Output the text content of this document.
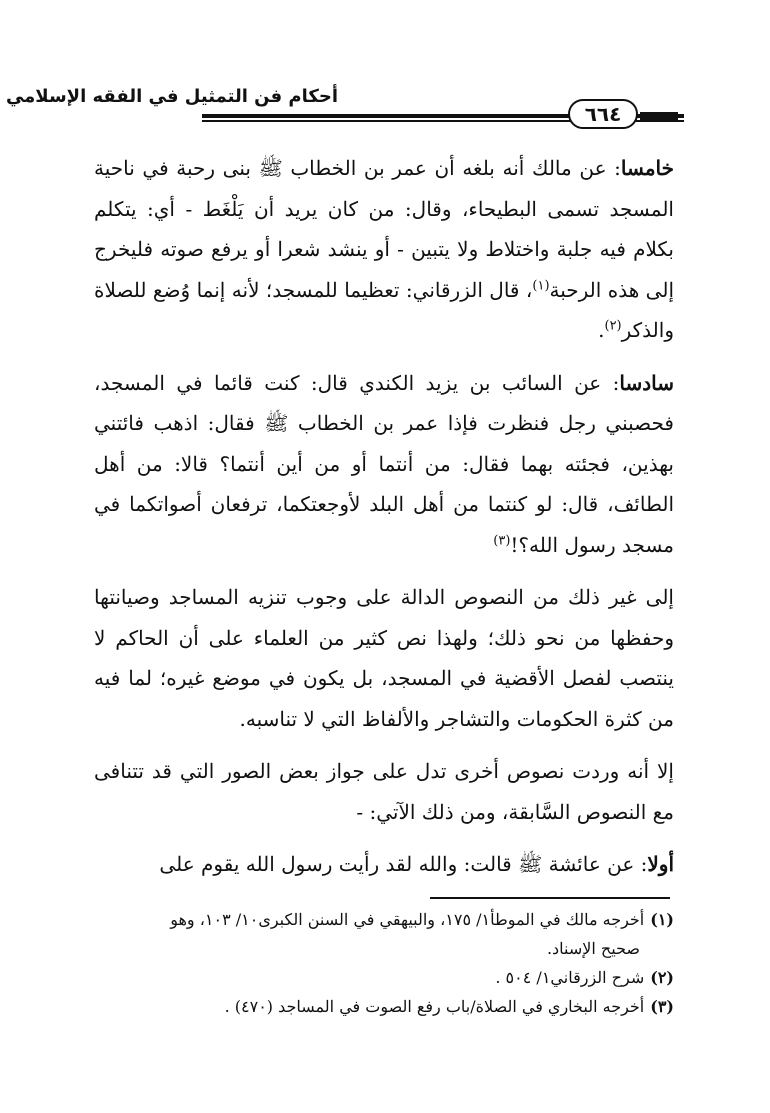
أحكام فن التمثيل في الفقه الإسلامي
٦٦٤

خامسا: عن مالك أنه بلغه أن عمر بن الخطاب ﷺ بنى رحبة في ناحية المسجد تسمى البطيحاء، وقال: من كان يريد أن يَلْغَط - أي: يتكلم بكلام فيه جلبة واختلاط ولا يتبين - أو ينشد شعرا أو يرفع صوته فليخرج إلى هذه الرحبة$^{(١)}$، قال الزرقاني: تعظيما للمسجد؛ لأنه إنما وُضع للصلاة والذكر$^{(٢)}$.

سادسا: عن السائب بن يزيد الكندي قال: كنت قائما في المسجد، فحصبني رجل فنظرت فإذا عمر بن الخطاب ﷺ فقال: اذهب فائتني بهذين، فجئته بهما فقال: من أنتما أو من أين أنتما؟ قالا: من أهل الطائف، قال: لو كنتما من أهل البلد لأوجعتكما، ترفعان أصواتكما في مسجد رسول الله؟!$^{(٣)}$

إلى غير ذلك من النصوص الدالة على وجوب تنزيه المساجد وصيانتها وحفظها من نحو ذلك؛ ولهذا نص كثير من العلماء على أن الحاكم لا ينتصب لفصل الأقضية في المسجد، بل يكون في موضع غيره؛ لما فيه من كثرة الحكومات والتشاجر والألفاظ التي لا تناسبه.

إلا أنه وردت نصوص أخرى تدل على جواز بعض الصور التي قد تتنافى مع النصوص السَّابقة، ومن ذلك الآتي: -

أولا: عن عائشة ﷺ قالت: والله لقد رأيت رسول الله يقوم على

(١)أخرجه مالك في الموطأ١/ ١٧٥، والبيهقي في السنن الكبرى١٠/ ١٠٣، وهو

صحيح الإسناد.

(٢)شرح الزرقاني١/ ٥٠٤ .

(٣)أخرجه البخاري في الصلاة/باب رفع الصوت في المساجد (٤٧٠) .
